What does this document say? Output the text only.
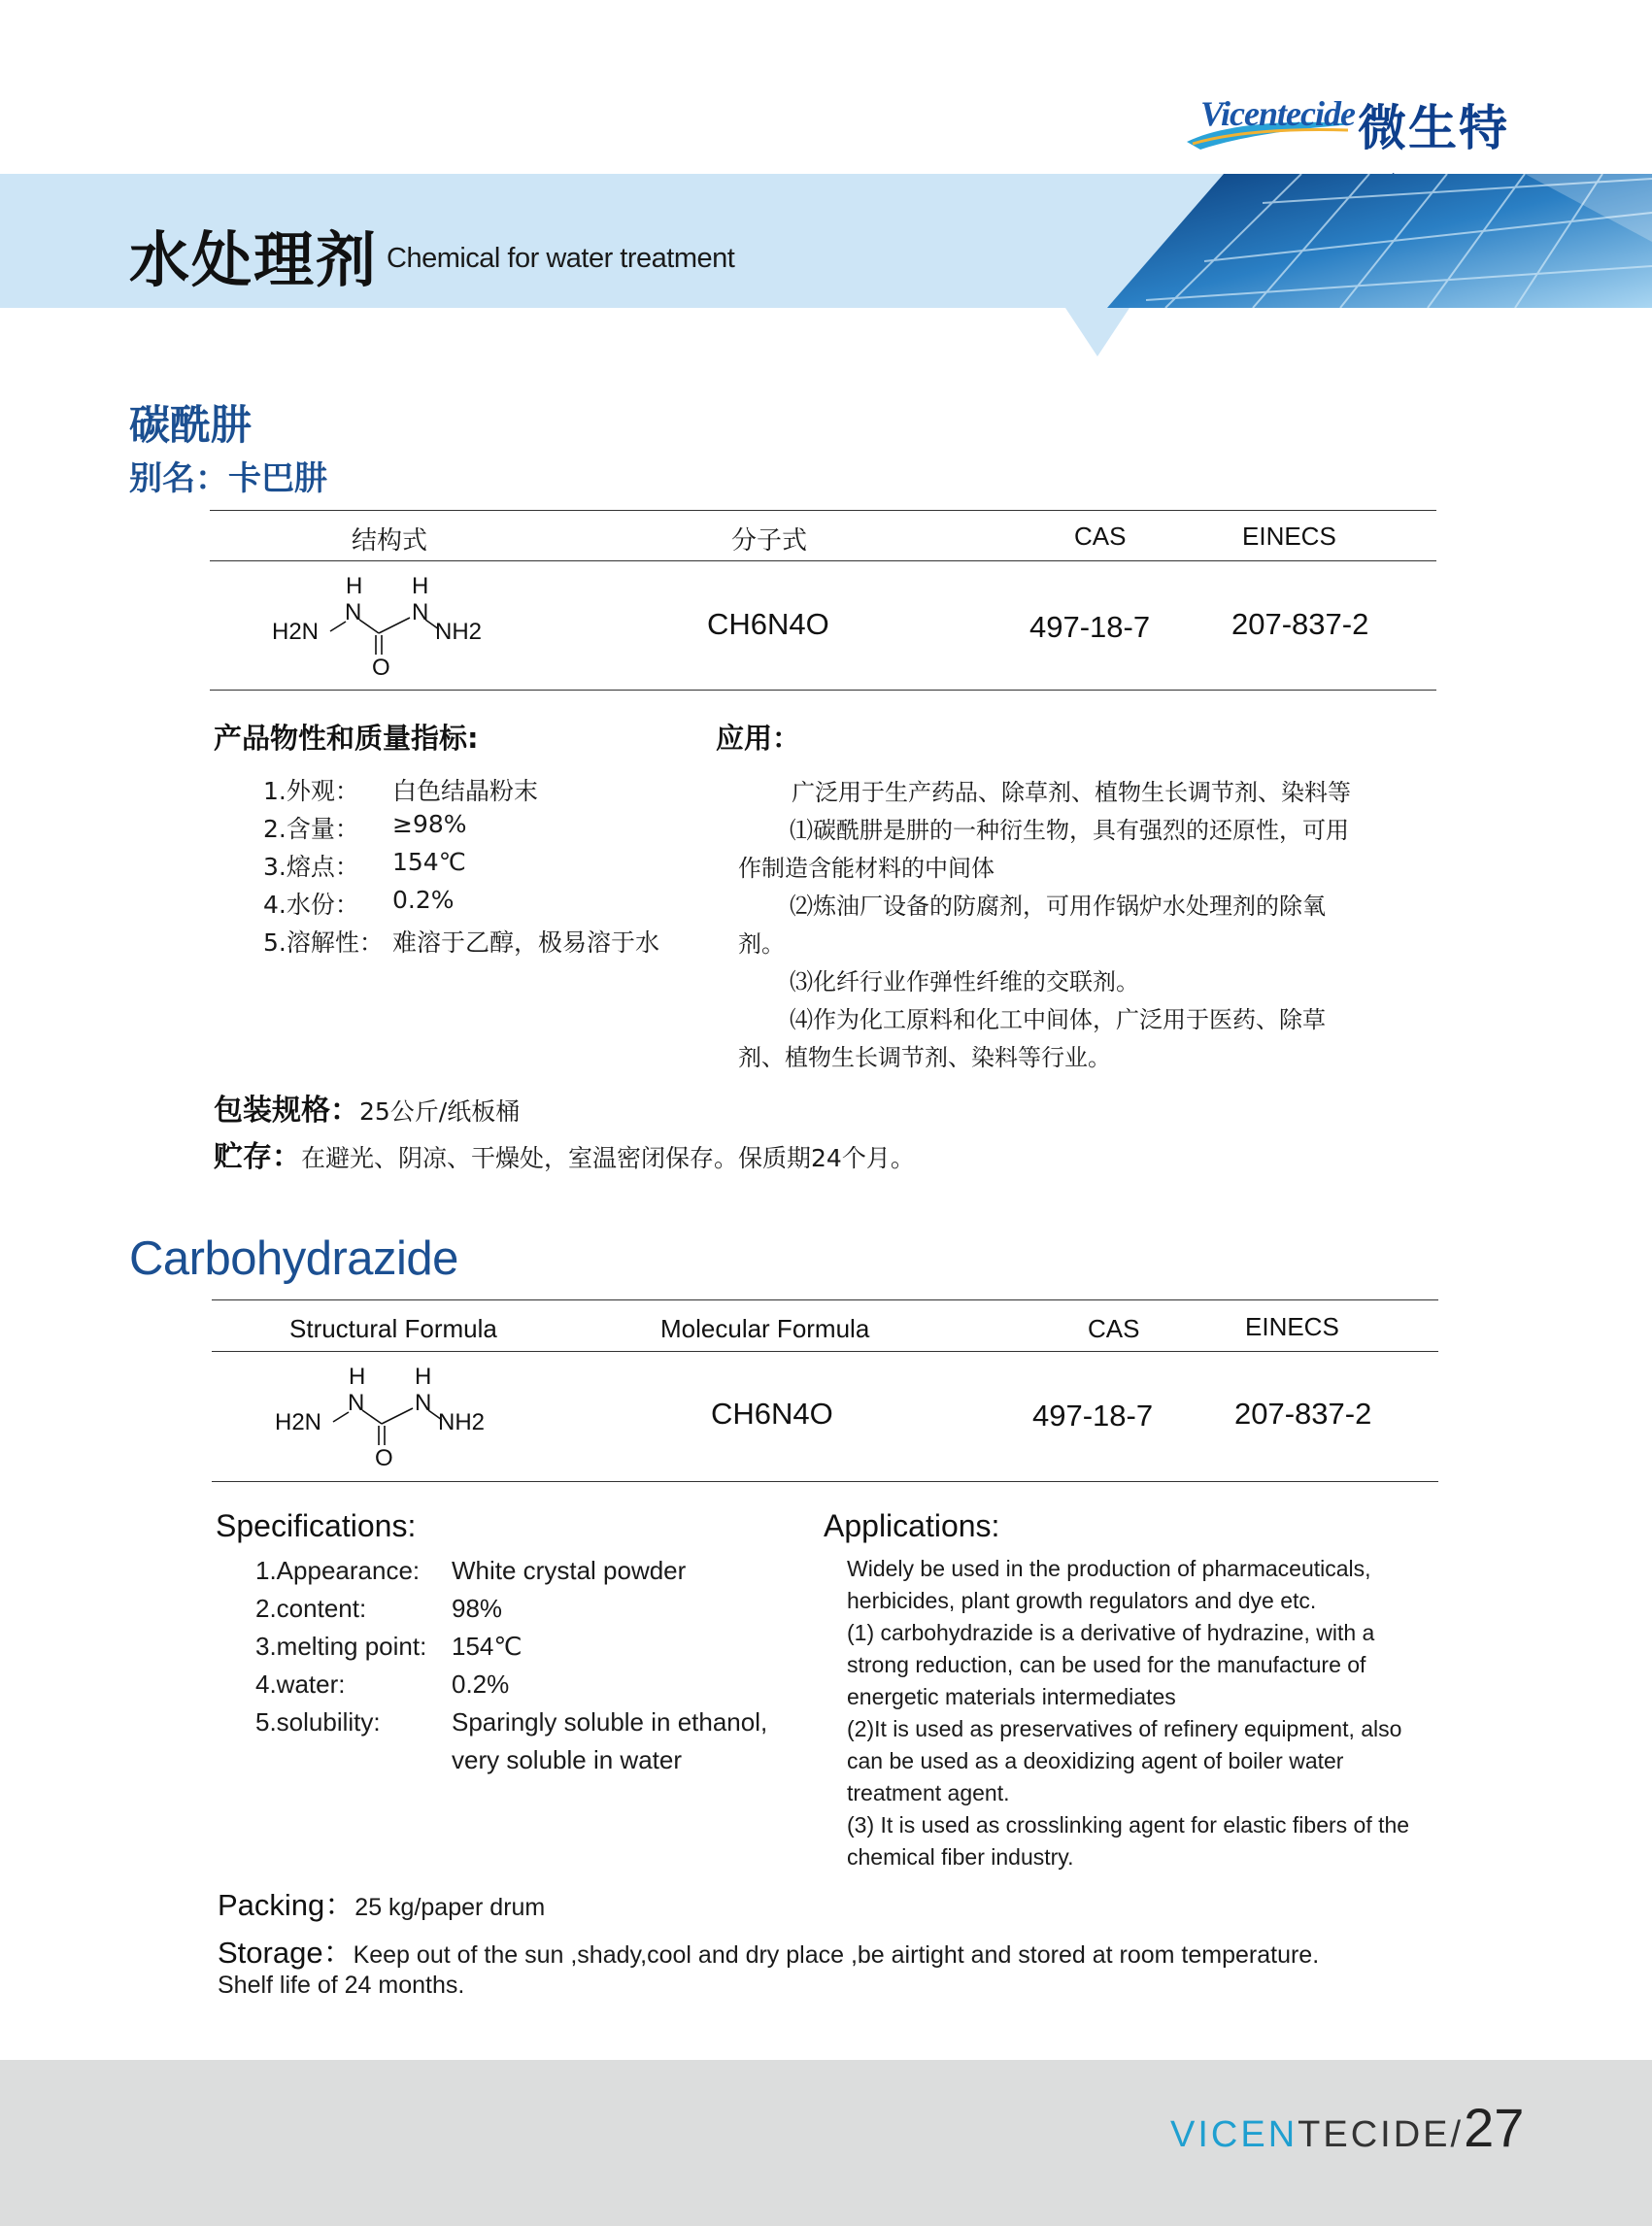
Vicentecide 微生特
水处理剂 Chemical for water treatment
碳酰肼
别名：卡巴肼
结构式	分子式	CAS	EINECS
H2N
N
H
O
N
H
NH2	CH6N4O	497-18-7	207-837-2
产品物性和质量指标:
1.外观： 白色结晶粉末
2.含量： ≥98%
3.熔点： 154℃
4.水份： 0.2%
5.溶解性： 难溶于乙醇，极易溶于水
应用：
广泛用于生产药品、除草剂、植物生长调节剂、染料等
⑴碳酰肼是肼的一种衍生物，具有强烈的还原性，可用
作制造含能材料的中间体
⑵炼油厂设备的防腐剂，可用作锅炉水处理剂的除氧
剂。
⑶化纤行业作弹性纤维的交联剂。
⑷作为化工原料和化工中间体，广泛用于医药、除草
剂、植物生长调节剂、染料等行业。
包装规格：25公斤/纸板桶
贮存：在避光、阴凉、干燥处，室温密闭保存。保质期24个月。
Carbohydrazide
Structural Formula	Molecular Formula	CAS	EINECS
H2N
N
H
O
N
H
NH2	CH6N4O	497-18-7	207-837-2
Specifications:
1.Appearance: White crystal powder
2.content:	98%
3.melting point: 154℃
4.water:	0.2%
5.solubility:	Sparingly soluble in ethanol,
very soluble in water
Applications:
Widely be used in the production of pharmaceuticals,
herbicides, plant growth regulators and dye etc.
(1) carbohydrazide is a derivative of hydrazine, with a
strong reduction, can be used for the manufacture of
energetic materials intermediates
(2)It is used as preservatives of refinery equipment, also
can be used as a deoxidizing agent of boiler water
treatment agent.
(3) It is used as crosslinking agent for elastic fibers of the
chemical fiber industry.
Packing：25 kg/paper drum
Storage：Keep out of the sun ,shady,cool and dry place ,be airtight and stored at room temperature.
Shelf life of 24 months.
VICENTECIDE/27
